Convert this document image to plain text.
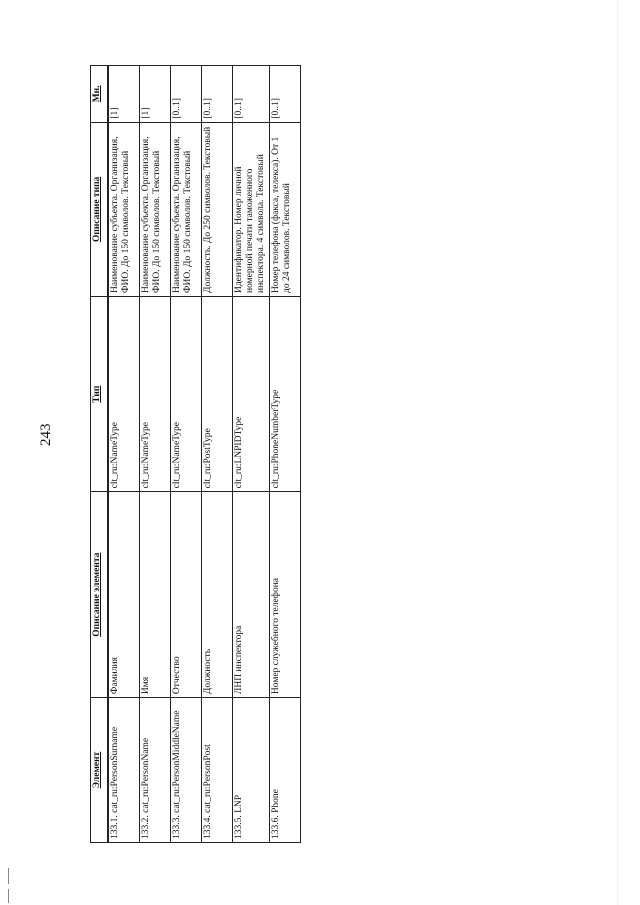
243
Элемент	Описание элемента	Тип	Описание типа	Мн.
133.1. cat_ru:PersonSurname	Фамилия	clt_ru:NameType	Наименование субъекта. Организация, ФИО. До 150 символов. Текстовый	[1]
133.2. cat_ru:PersonName	Имя	clt_ru:NameType	Наименование субъекта. Организация, ФИО. До 150 символов. Текстовый	[1]
133.3. cat_ru:PersonMiddleName	Отчество	clt_ru:NameType	Наименование субъекта. Организация, ФИО. До 150 символов. Текстовый	[0..1]
133.4. cat_ru:PersonPost	Должность	clt_ru:PostType	Должность. До 250 символов. Текстовый	[0..1]
133.5. LNP	ЛНП инспектора	clt_ru:LNPIDType	Идентификатор. Номер личной номерной печати таможенного инспектора. 4 символа. Текстовый	[0..1]
133.6. Phone	Номер служебного телефона	clt_ru:PhoneNumberType	Номер телефона (факса, телекса). От 1 до 24 символов. Текстовый	[0..1]
